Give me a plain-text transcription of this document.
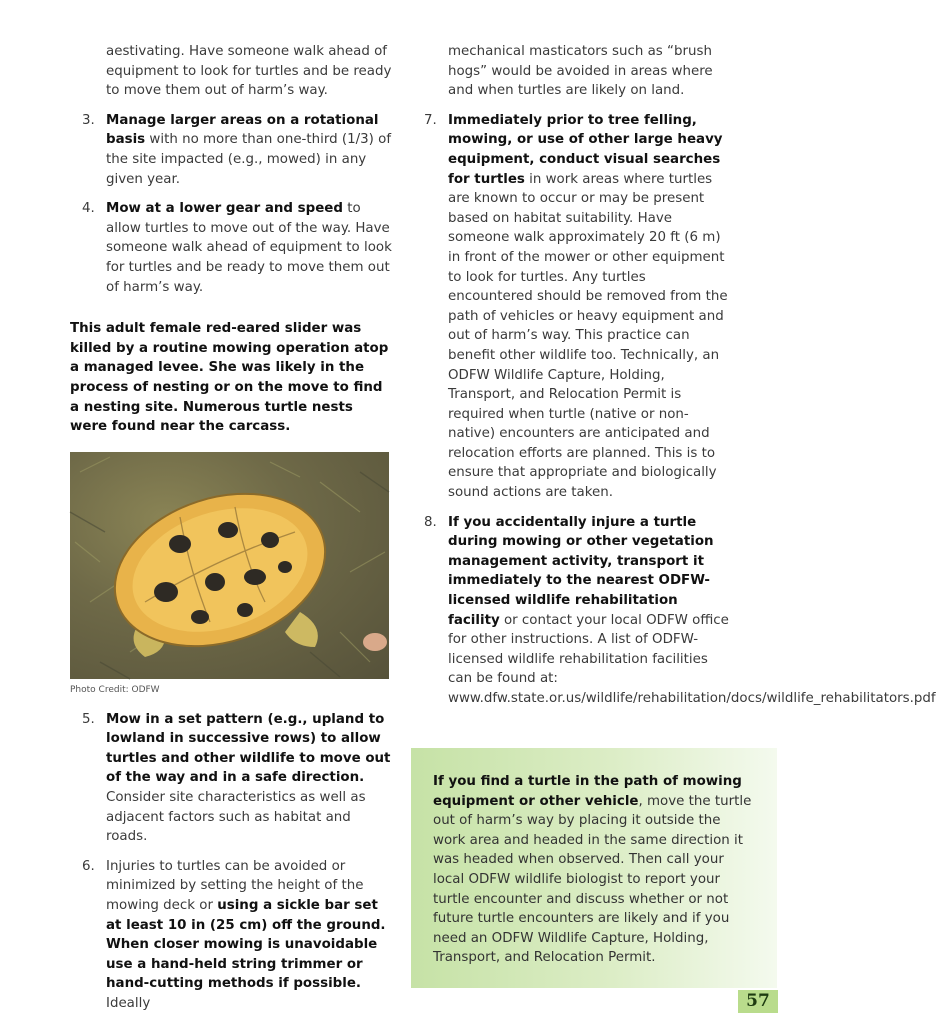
aestivating. Have someone walk ahead of equipment to look for turtles and be ready to move them out of harm’s way.

3. Manage larger areas on a rotational basis with no more than one-third (1/3) of the site impacted (e.g., mowed) in any given year.

4. Mow at a lower gear and speed to allow turtles to move out of the way. Have someone walk ahead of equipment to look for turtles and be ready to move them out of harm’s way.

This adult female red-eared slider was killed by a routine mowing operation atop a managed levee. She was likely in the process of nesting or on the move to find a nesting site. Numerous turtle nests were found near the carcass.

Photo Credit: ODFW

5. Mow in a set pattern (e.g., upland to lowland in successive rows) to allow turtles and other wildlife to move out of the way and in a safe direction. Consider site characteristics as well as adjacent factors such as habitat and roads.

6. Injuries to turtles can be avoided or minimized by setting the height of the mowing deck or using a sickle bar set at least 10 in (25 cm) off the ground. When closer mowing is unavoidable use a hand-held string trimmer or hand-cutting methods if possible. Ideally

mechanical masticators such as “brush hogs” would be avoided in areas where and when turtles are likely on land.

7. Immediately prior to tree felling, mowing, or use of other large heavy equipment, conduct visual searches for turtles in work areas where turtles are known to occur or may be present based on habitat suitability. Have someone walk approximately 20 ft (6 m) in front of the mower or other equipment to look for turtles. Any turtles encountered should be removed from the path of vehicles or heavy equipment and out of harm’s way. This practice can benefit other wildlife too. Technically, an ODFW Wildlife Capture, Holding, Transport, and Relocation Permit is required when turtle (native or non-native) encounters are anticipated and relocation efforts are planned. This is to ensure that appropriate and biologically sound actions are taken.

8. If you accidentally injure a turtle during mowing or other vegetation management activity, transport it immediately to the nearest ODFW-licensed wildlife rehabilitation facility or contact your local ODFW office for other instructions. A list of ODFW-licensed wildlife rehabilitation facilities can be found at: www.dfw.state.or.us/wildlife/rehabilitation/docs/wildlife_rehabilitators.pdf

If you find a turtle in the path of mowing equipment or other vehicle, move the turtle out of harm’s way by placing it outside the work area and headed in the same direction it was headed when observed. Then call your local ODFW wildlife biologist to report your turtle encounter and discuss whether or not future turtle encounters are likely and if you need an ODFW Wildlife Capture, Holding, Transport, and Relocation Permit.

57
